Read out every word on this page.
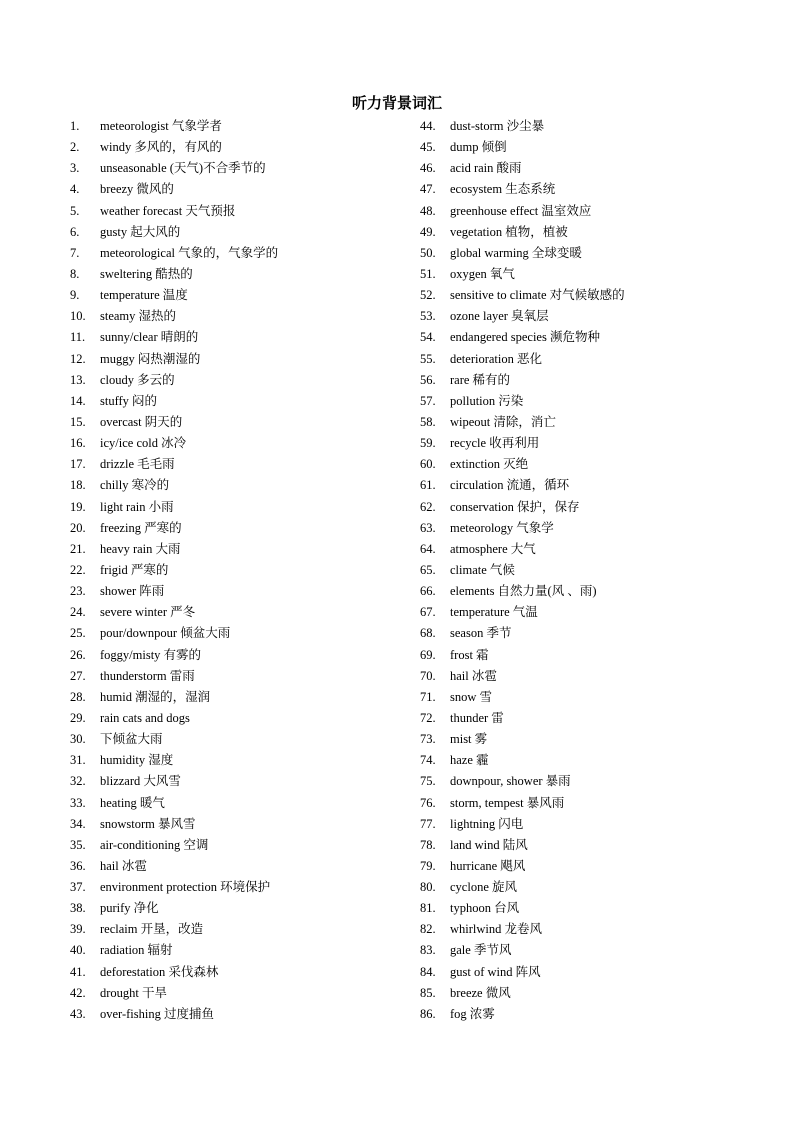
听力背景词汇
1.	meteorologist 气象学者
2.	windy 多风的，有风的
3.	unseasonable (天气)不合季节的
4.	breezy 微风的
5.	weather forecast 天气预报
6.	gusty 起大风的
7.	meteorological 气象的，气象学的
8.	sweltering 酷热的
9.	temperature 温度
10.	steamy 湿热的
11.	sunny/clear 晴朗的
12.	muggy 闷热潮湿的
13.	cloudy 多云的
14.	stuffy 闷的
15.	overcast 阴天的
16.	icy/ice cold 冰冷
17.	drizzle 毛毛雨
18.	chilly 寒冷的
19.	light rain 小雨
20.	freezing 严寒的
21.	heavy rain 大雨
22.	frigid 严寒的
23.	shower 阵雨
24.	severe winter 严冬
25.	pour/downpour 倾盆大雨
26.	foggy/misty 有雾的
27.	thunderstorm 雷雨
28.	humid 潮湿的，湿润
29.	rain cats and dogs
30.	下倾盆大雨
31.	humidity 湿度
32.	blizzard 大风雪
33.	heating 暖气
34.	snowstorm 暴风雪
35.	air-conditioning 空调
36.	hail 冰雹
37.	environment protection 环境保护
38.	purify 净化
39.	reclaim 开垦，改造
40.	radiation 辐射
41.	deforestation 采伐森林
42.	drought 干旱
43.	over-fishing 过度捕鱼
44.	dust-storm 沙尘暴
45.	dump 倾倒
46.	acid rain 酸雨
47.	ecosystem 生态系统
48.	greenhouse effect 温室效应
49.	vegetation 植物，植被
50.	global warming 全球变暖
51.	oxygen 氧气
52.	sensitive to climate 对气候敏感的
53.	ozone layer 臭氧层
54.	endangered species 濒危物种
55.	deterioration 恶化
56.	rare 稀有的
57.	pollution 污染
58.	wipeout 清除，消亡
59.	recycle 收再利用
60.	extinction 灭绝
61.	circulation 流通，循环
62.	conservation 保护，保存
63.	meteorology 气象学
64.	atmosphere 大气
65.	climate 气候
66.	elements 自然力量(风 、雨)
67.	temperature 气温
68.	season 季节
69.	frost 霜
70.	hail 冰雹
71.	snow 雪
72.	thunder 雷
73.	mist 雾
74.	haze 霾
75.	downpour, shower 暴雨
76.	storm, tempest 暴风雨
77.	lightning 闪电
78.	land wind 陆风
79.	hurricane 飓风
80.	cyclone 旋风
81.	typhoon 台风
82.	whirlwind 龙卷风
83.	gale 季节风
84.	gust of wind 阵风
85.	breeze 微风
86.	fog 浓雾
